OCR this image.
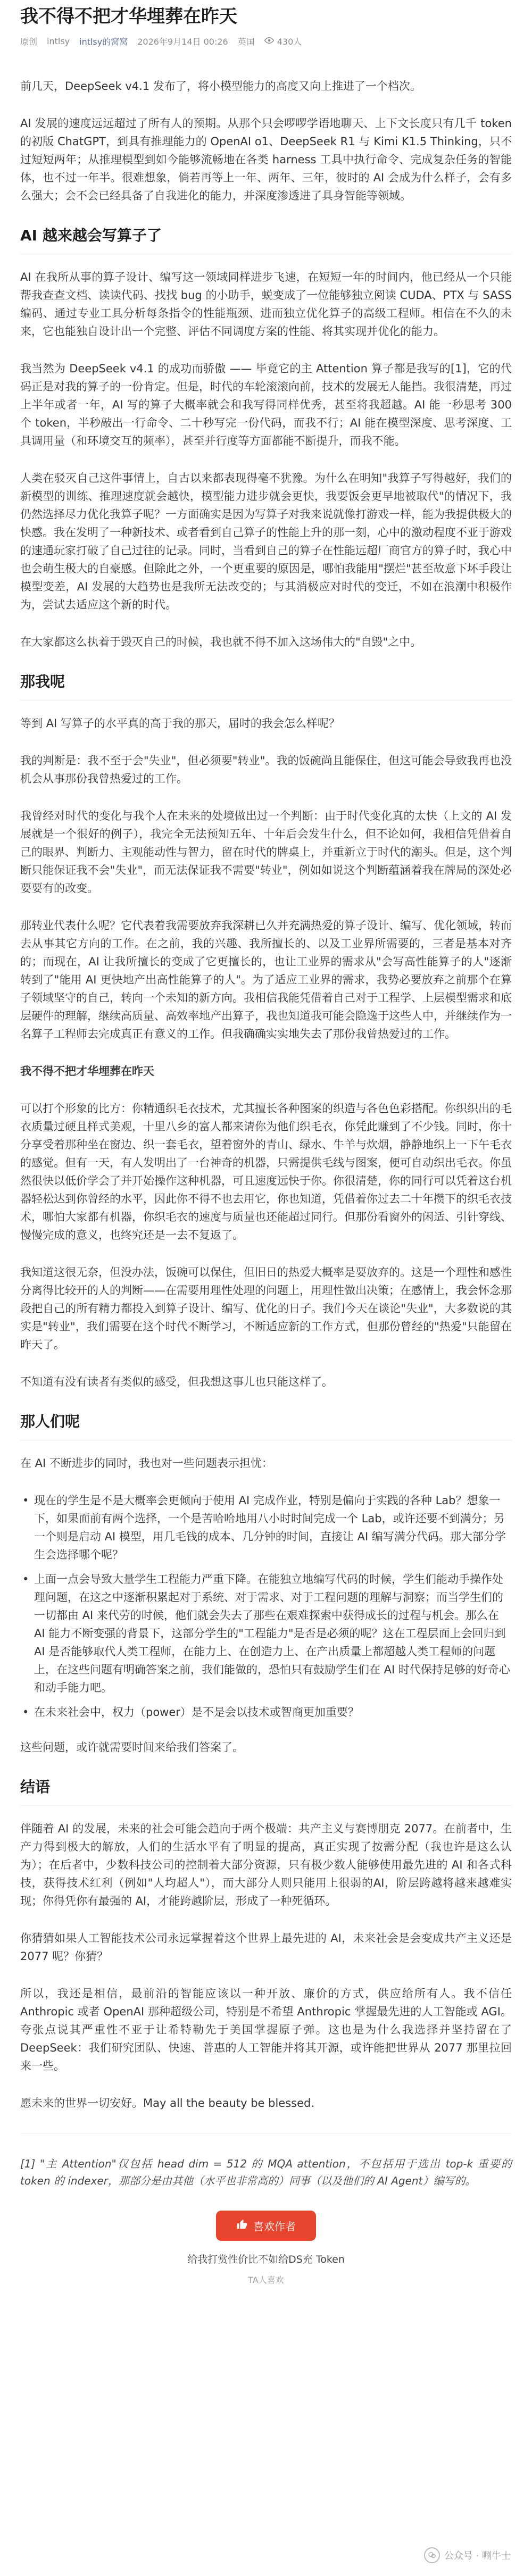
我不得不把才华埋葬在昨天
原创 intlsy intlsy的窝窝 2026年9月14日 00:26 英国	430人

前几天，DeepSeek v4.1 发布了，将小模型能力的高度又向上推进了一个档次。

AI 发展的速度远远超过了所有人的预期。从那个只会啰啰学语地聊天、上下文长度只有几千 token 的初版 ChatGPT，到具有推理能力的 OpenAI o1、DeepSeek R1 与 Kimi K1.5 Thinking，只不过短短两年；从推理模型到如今能够流畅地在各类 harness 工具中执行命令、完成复杂任务的智能体，也不过一年半。很难想象，倘若再等上一年、两年、三年，彼时的 AI 会成为什么样子，会有多么强大；会不会已经具备了自我进化的能力，并深度渗透进了具身智能等领域。

AI 越来越会写算子了

AI 在我所从事的算子设计、编写这一领域同样进步飞速，在短短一年的时间内，他已经从一个只能帮我查查文档、读读代码、找找 bug 的小助手，蜕变成了一位能够独立阅读 CUDA、PTX 与 SASS 编码、通过专业工具分析每条指令的性能瓶颈、进而独立优化算子的高级工程师。相信在不久的未来，它也能独自设计出一个完整、评估不同调度方案的性能、将其实现并优化的能力。

我当然为 DeepSeek v4.1 的成功而骄傲 —— 毕竟它的主 Attention 算子都是我写的[1]，它的代码正是对我的算子的一份肯定。但是，时代的车轮滚滚向前，技术的发展无人能挡。我很清楚，再过上半年或者一年，AI 写的算子大概率就会和我写得同样优秀，甚至将我超越。AI 能一秒思考 300 个 token，半秒敲出一行命令、二十秒写完一份代码，而我不行；AI 能在模型深度、思考深度、工具调用量（和环境交互的频率），甚至并行度等方面都能不断提升，而我不能。

人类在驳灭自己这件事情上，自古以来都表现得毫不犹豫。为什么在明知"我算子写得越好，我们的新模型的训练、推理速度就会越快，模型能力进步就会更快，我要饭会更早地被取代"的情况下，我仍然选择尽力优化我算子呢？一方面确实是因为写算子对我来说就像打游戏一样，能为我提供极大的快感。我在发明了一种新技术、或者看到自己算子的性能上升的那一刻，心中的激动程度不亚于游戏的速通玩家打破了自己过往的记录。同时，当看到自己的算子在性能远超厂商官方的算子时，我心中也会萌生极大的自豪感。但除此之外，一个更重要的原因是，哪怕我能用"摆烂"甚至故意下坏手段让模型变差，AI 发展的大趋势也是我所无法改变的；与其消极应对时代的变迁，不如在浪潮中积极作为，尝试去适应这个新的时代。

在大家都这么执着于毁灭自己的时候，我也就不得不加入这场伟大的"自毁"之中。

那我呢

等到 AI 写算子的水平真的高于我的那天，届时的我会怎么样呢？

我的判断是：我不至于会"失业"，但必须要"转业"。我的饭碗尚且能保住，但这可能会导致我再也没机会从事那份我曾热爱过的工作。

我曾经对时代的变化与我个人在未来的处境做出过一个判断：由于时代变化真的太快（上文的 AI 发展就是一个很好的例子），我完全无法预知五年、十年后会发生什么，但不论如何，我相信凭借着自己的眼界、判断力、主观能动性与智力，留在时代的牌桌上，并重新立于时代的潮头。但是，这个判断只能保证我不会"失业"，而无法保证我不需要"转业"，例如如说这个判断蕴涵着我在牌局的深处必要要有的改变。

那转业代表什么呢？它代表着我需要放弃我深耕已久并充满热爱的算子设计、编写、优化领域，转而去从事其它方向的工作。在之前，我的兴趣、我所擅长的、以及工业界所需要的，三者是基本对齐的；而现在，AI 让我所擅长的变成了它更擅长的，也让工业界的需求从"会写高性能算子的人"逐渐转到了"能用 AI 更快地产出高性能算子的人"。为了适应工业界的需求，我势必要放弃之前那个在算子领域坚守的自己，转向一个未知的新方向。我相信我能凭借着自己对于工程学、上层模型需求和底层硬件的理解，继续高质量、高效率地产出算子，我也知道我可能会隐逸于这些人中，并继续作为一名算子工程师去完成真正有意义的工作。但我确确实实地失去了那份我曾热爱过的工作。

我不得不把才华埋葬在昨天

可以打个形象的比方：你精通织毛衣技术，尤其擅长各种图案的织造与各色色彩搭配。你织织出的毛衣质量过硬且样式美观，十里八乡的富人都来请你为他们织毛衣，你凭此赚到了不少钱。同时，你十分享受着那种坐在窗边、织一套毛衣，望着窗外的青山、绿水、牛羊与炊烟，静静地织上一下午毛衣的感觉。但有一天，有人发明出了一台神奇的机器，只需提供毛线与图案，便可自动织出毛衣。你虽然很快以低价学会了并开始操作这种机器，可且速度远快于你。你很清楚，你的同行可以凭着这台机器轻松达到你曾经的水平，因此你不得不也去用它，你也知道，凭借着你过去二十年攒下的织毛衣技术，哪怕大家都有机器，你织毛衣的速度与质量也还能超过同行。但那份看窗外的闲适、引针穿线、慢慢完成的意义，也终究还是一去不复返了。

我知道这很无奈，但没办法，饭碗可以保住，但旧日的热爱大概率是要放弃的。这是一个理性和感性分离得比较开的人的判断——在需要用理性处理的问题上，用理性做出决策；在感情上，我会怀念那段把自己的所有精力都投入到算子设计、编写、优化的日子。我们今天在谈论"失业"，大多数说的其实是"转业"，我们需要在这个时代不断学习，不断适应新的工作方式，但那份曾经的"热爱"只能留在昨天了。

不知道有没有读者有类似的感受，但我想这事儿也只能这样了。

那人们呢

在 AI 不断进步的同时，我也对一些问题表示担忧：

• 现在的学生是不是大概率会更倾向于使用 AI 完成作业，特别是偏向于实践的各种 Lab？想象一下，如果面前有两个选择，一个是苦哈哈地用八小时时间完成一个 Lab，或许还要不到满分；另一个则是启动 AI 模型，用几毛钱的成本、几分钟的时间，直接让 AI 编写满分代码。那大部分学生会选择哪个呢？
• 上面一点会导致大量学生工程能力严重下降。在能独立地编写代码的时候，学生们能动手操作处理问题，在这之中逐渐积累起对于系统、对于需求、对于工程问题的理解与洞察；而当学生们的一切都由 AI 来代劳的时候，他们就会失去了那些在艰难探索中获得成长的过程与机会。那么在 AI 能力不断变强的背景下，这部分学生的"工程能力"是否是必须的呢？这在工程层面上会回归到 AI 是否能够取代人类工程师，在能力上、在创造力上、在产出质量上都超越人类工程师的问题上，在这些问题有明确答案之前，我们能做的，恐怕只有鼓励学生们在 AI 时代保持足够的好奇心和动手能力吧。
• 在未来社会中，权力（power）是不是会以技术或智商更加重要？

这些问题，或许就需要时间来给我们答案了。

结语

伴随着 AI 的发展，未来的社会可能会趋向于两个极端：共产主义与赛博朋克 2077。在前者中，生产力得到极大的解放，人们的生活水平有了明显的提高，真正实现了按需分配（我也许是这么认为）；在后者中，少数科技公司的控制着大部分资源，只有极少数人能够使用最先进的 AI 和各式科技，获得技术红利（例如"人均超人"），而大部分人则只能用上很弱的AI，阶层跨越将越来越难实现；你得凭你有最强的 AI，才能跨越阶层，形成了一种死循环。

你猜猜如果人工智能技术公司永远掌握着这个世界上最先进的 AI，未来社会是会变成共产主义还是 2077 呢？你猜？

所以，我还是相信，最前沿的智能应该以一种开放、廉价的方式，供应给所有人。我不信任 Anthropic 或者 OpenAI 那种超级公司，特别是不希望 Anthropic 掌握最先进的人工智能或 AGI。夸张点说其严重性不亚于让希特勒先于美国掌握原子弹。这也是为什么我选择并坚持留在了 DeepSeek：我们研究团队、快速、普惠的人工智能并将其开源，或许能把世界从 2077 那里拉回来一些。

愿未来的世界一切安好。May all the beauty be blessed.

[1] "主 Attention"仅包括 head dim = 512 的 MQA attention，不包括用于选出 top-k 重要的 token 的 indexer，那部分是由其他（水平也非常高的）同事（以及他们的 AI Agent）编写的。

喜欢作者
给我打赏性价比不如给DS充 Token
TA人喜欢
公众号 · 唰牛士
